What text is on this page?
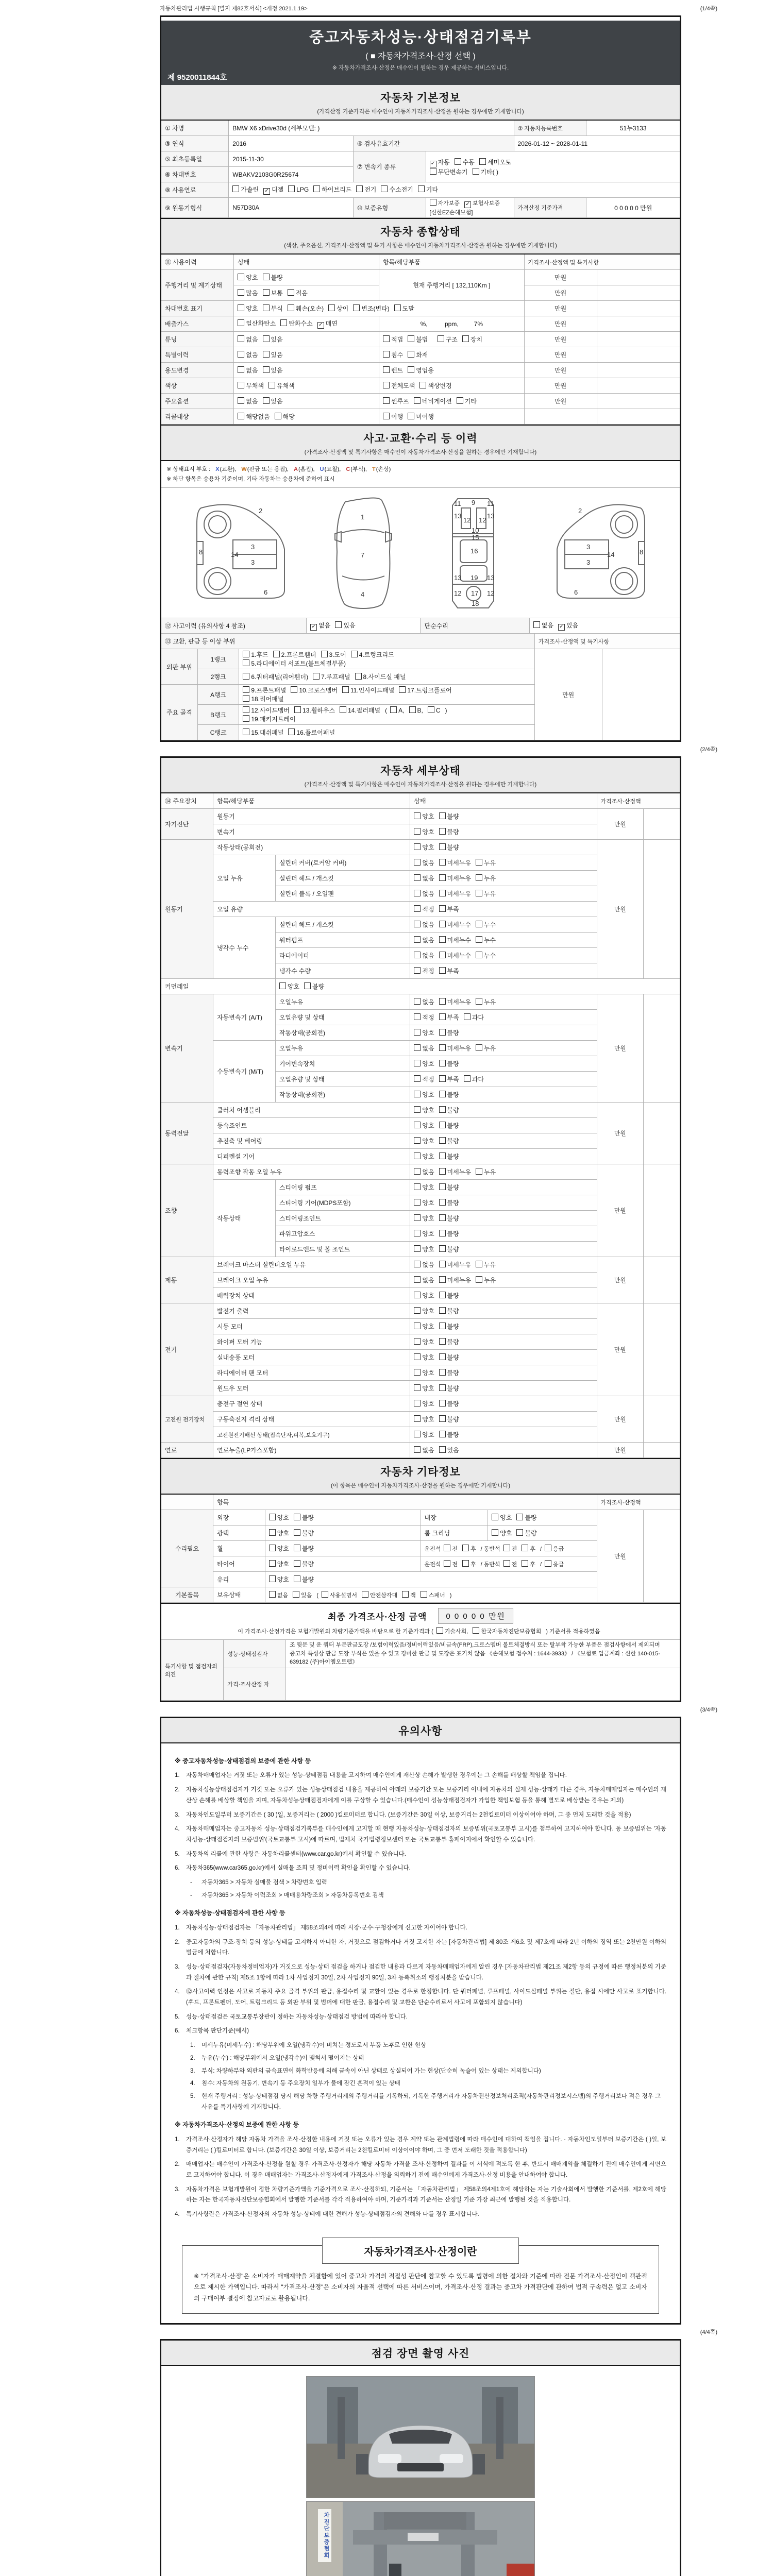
자동차관리법 시행규칙 [별지 제82호서식] <개정 2021.1.19>	(1/4쪽)
중고자동차성능·상태점검기록부
( ■ 자동차가격조사·산정 선택 )
※ 자동차가격조사·산정은 매수인이 원하는 경우 제공하는 서비스입니다.
제 9520011844호
자동차 기본정보
(가격산정 기준가격은 매수인이 자동차가격조사·산정을 원하는 경우에만 기재합니다)
① 차명	BMW X6 xDrive30d (세부모델: )			② 자동차등록번호	51누3133
③ 연식	2016	④ 검사유효기간		2026-01-12 ~ 2028-01-11	
⑤ 최초등록일	2015-11-30	⑦ 변속기 종류	✓자동 수동 세미오토
무단변속기 기타( )
⑥ 차대번호	WBAKV2103G0R25674				
⑧ 사용연료	가솔린 ✓ 디젤 LPG 하이브리드 전기 수소전기 기타
⑨ 원동기형식	N57D30A	⑩ 보증유형	자가보증 ✓ 보험사보증[신한EZ손해보험]	가격산정 기준가격	0 0 0 0 0 만원
자동차 종합상태
(색상, 주요옵션, 가격조사·산정액 및 특기 사항은 매수인이 자동차가격조사·산정을 원하는 경우에만 기재합니다)
⑪ 사용이력	상태	항목/해당부품	가격조사·산정액 및 특기사항	
주행거리 및 계기상태	양호 불량	현재 주행거리 [ 132,110Km ]	만원	
	많음 보통 적음		만원	
차대번호 표기	양호 부식 훼손(오손) 상이 변조(변타) 도말		만원	
배출가스	일산화탄소 탄화수소 ✓ 매연	%,          ppm,         7%	만원	
튜닝	없음 있음	적법 불법 구조 장치	만원	
특별이력	없음 있음	침수 화재	만원	
용도변경	없음 있음	렌트 영업용	만원	
색상	무채색 유채색	전체도색 색상변경	만원	
주요옵션	없음 있음	썬루프 네비게이션 기타	만원	
리콜대상	해당없음 해당	이행 미이행		
사고·교환·수리 등 이력
(가격조사·산정액 및 특기사항은 매수인이 자동차가격조사·산정을 원하는 경우에만 기재합니다)
※ 상태표시 부호 : X(교환), W(판금 또는 용접), A(흠집), U(요철), C(부식), T(손상)
※ 하단 항목은 승용차 기준이며, 기타 자동차는 승용차에 준하여 표시
2
8
3
14
3
6
1
7
4
11 9 11
13	13
12 12
10
15
16
13 19 13
12 17 12
18
2
3
8
14
3
6
⑫ 사고이력 (유의사항 4 참조)	✓없음 있음	단순수리	없음 ✓ 있음
⑬ 교환, 판금 등 이상 부위			가격조사·산정액 및 특기사항	
외판 부위	1랭크	1.후드 2.프론트휀더 3.도어 4.트렁크리드
5.라디에이터 서포트(볼트체결부품)	만원	
	2랭크	6.쿼터패널(리어휀더) 7.루프패널 8.사이드실 패널		
주요 골격	A랭크	9.프론트패널 10.크로스멤버 11.인사이드패널 17.트렁크플로어
18.리어패널		

	B랭크	12.사이드멤버 13.휠하우스 14.필러패널 ( A, B, C )
19.패키지트레이		

	C랭크	15.대쉬패널 16.플로어패널		
(2/4쪽)
자동차 세부상태
(가격조사·산정액 및 특기사항은 매수인이 자동차가격조사·산정을 원하는 경우에만 기재합니다)
⑭ 주요장치	항목/해당부품		상태	가격조사·산정액	
자기진단	원동기		양호 불량	만원	
	변속기		양호 불량		
원동기	작동상태(공회전)		양호 불량	만원	
	오일 누유	실린더 커버(로커암 커버)	없음 미세누유 누유		
		실린더 헤드 / 개스킷	없음 미세누유 누유		
		실린더 블록 / 오일팬	없음 미세누유 누유		
	오일 유량		적정 부족		
	냉각수 누수	실린더 헤드 / 개스킷	없음 미세누수 누수		
		워터펌프	없음 미세누수 누수		
		라디에이터	없음 미세누수 누수		
		냉각수 수량	적정 부족		
커먼레일		양호 불량			
변속기	자동변속기 (A/T)	오일누유	없음 미세누유 누유	만원	
		오일유량 및 상태	적정 부족 과다		
		작동상태(공회전)	양호 불량		
	수동변속기 (M/T)	오일누유	없음 미세누유 누유		
		기어변속장치	양호 불량		
		오일유량 및 상태	적정 부족 과다		
		작동상태(공회전)	양호 불량		
동력전달	클러치 어셈블리		양호 불량	만원	
	등속죠인트		양호 불량		
	추진축 및 베어링		양호 불량		
	디퍼렌셜 기어		양호 불량		
조향	동력조향 작동 오일 누유		없음 미세누유 누유	만원	
	작동상태	스티어링 펌프	양호 불량		
		스티어링 기어(MDPS포함)	양호 불량		
		스티어링조인트	양호 불량		
		파워고압호스	양호 불량		
		타이로드엔드 및 볼 조인트	양호 불량		
제동	브레이크 마스터 실린더오일 누유		없음 미세누유 누유	만원	
	브레이크 오일 누유		없음 미세누유 누유		
	배력장치 상태		양호 불량		
전기	발전기 출력		양호 불량	만원	
	시동 모터		양호 불량		
	와이퍼 모터 기능		양호 불량		
	실내송풍 모터		양호 불량		
	라디에이터 팬 모터		양호 불량		
	윈도우 모터		양호 불량		
고전원 전기장치	충전구 절연 상태		양호 불량	만원	
	구동축전지 격리 상태		양호 불량		
	고전원전기배선 상태(접속단자,피복,보호기구)		양호 불량		
연료	연료누출(LP가스포함)		없음 있음	만원	
자동차 기타정보
(이 항목은 매수인이 자동차가격조사·산정을 원하는 경우에만 기재합니다)
	항목				가격조사·산정액	
수리필요	외장	양호 불량	내장	양호 불량	만원	
	광택	양호 불량	룸 크리닝	양호 불량		
	휠	양호 불량	운전석 전 후 / 동반석 전 후 / 응급			
	타이어	양호 불량	운전석 전 후 / 동반석 전 후 / 응급			
	유리	양호 불량				
기본품목	보유상태	없음 있음 ( 사용설명서 안전삼각대 잭 스패너 )				
최종 가격조사·산정 금액	0 0 0 0 0 만원
이 가격조사·산정가격은 보험개발원의 차량기준가액을 바탕으로 한 기준가격과 ( 기술사회, 한국자동차진단보증협회 ) 기준서를 적용하였음
특기사항 및 점검자의 의견	성능·상태점검자	조 뒷문 및 운 쿼터 부분판금도장 /보험이력있음/정비이력있음/비금속(FRP),크로스멤버 볼트체결방식 또는 탈부착 가능한 부품은 점검사항에서 제외되며 중고차 특성상 판금 도장 부식은 있을 수 있고 경미한 판금 및 도장은 표기치 않음 《손해보험 접수처 : 1644-3933》 / 《보험료 입금계좌 : 신한 140-015-639182 (주)아이엠오토랩》
	가격·조사산정 자	
(3/4쪽)
유의사항
※ 중고자동차성능·상태점검의 보증에 관한 사항 등
1.	자동차매매업자는 거짓 또는 오류가 있는 성능·상태점검 내용을 고지하여 매수인에게 재산상 손해가 발생한 경우에는 그 손해를 배상할 책임을 집니다.
2.	자동차성능상태점검자가 거짓 또는 오류가 있는 성능상태점검 내용을 제공하여 아래의 보증기간 또는 보증거리 이내에 자동차의 실제 성능·상태가 다른 경우, 자동차매매업자는 매수인의 재산상 손해를 배상할 책임을 지며, 자동차성능상태점검자에게 이를 구상할 수 있습니다.(매수인이 성능상태점검자가 가입한 책임보험 등을 통해 별도로 배상받는 경우는 제외)
3.	자동차인도일부터 보증기간은 ( 30 )일, 보증거리는 ( 2000 )킬로미터로 합니다. (보증기간은 30일 이상, 보증거리는 2천킬로미터 이상이어야 하며, 그 중 먼저 도래한 것을 적용)
4.	자동차매매업자는 중고자동차 성능·상태점검기록부를 매수인에게 고지할 때 현행 자동차성능·상태점검자의 보증범위(국토교통부 고시)를 첨부하여 고지하여야 합니다. 동 보증범위는 '자동차성능·상태점검자의 보증범위'(국토교통부 고시)에 따르며, 법제처 국가법령정보센터 또는 국토교통부 홈페이지에서 확인할 수 있습니다.
5.	자동차의 리콜에 관한 사항은 자동차리콜센터(www.car.go.kr)에서 확인할 수 있습니다.
6.	자동차365(www.car365.go.kr)에서 실매물 조회 및 정비이력 확인을 확인할 수 있습니다.
-	자동차365 > 자동차 실매물 검색 > 차량번호 입력
-	자동차365 > 자동차 이력조회 > 매매용차량조회 > 자동차등록번호 검색
※ 자동차성능·상태점검자에 관한 사항 등
1.	자동차성능·상태점검자는 「자동차관리법」 제58조의4에 따라 시장·군수·구청장에게 신고한 자이어야 합니다.
2.	중고자동차의 구조·장치 등의 성능·상태를 고지하지 아니한 자, 거짓으로 점검하거나 거짓 고지한 자는 [자동차관리법] 제 80조 제6호 및 제7호에 따라 2년 이하의 징역 또는 2천만원 이하의 벌금에 처합니다.
3.	성능·상태점검자(자동차정비업자)가 거짓으로 성능·상태 점검을 하거나 점검한 내용과 다르게 자동차매매업자에게 알린 경우 [자동차관리법 제21조 제2항 등의 규정에 따른 행정처분의 기준과 절차에 관한 규칙] 제5조 1항에 따라 1차 사업정지 30일, 2차 사업정지 90일, 3차 등록취소의 행정처분을 받습니다.
4.	⑫사고이력 인정은 사고로 자동차 주요 골격 부위의 판금, 용접수리 및 교환이 있는 경우로 한정합니다. 단 쿼터패널, 루프패널, 사이드실패널 부위는 절단, 용접 시에만 사고로 표기합니다. (후드, 프론트펜더, 도어, 트렁크리드 등 외판 부위 및 범퍼에 대한 판금, 용접수리 및 교환은 단순수리로서 사고에 포함되지 않습니다)
5.	성능·상태점검은 국토교통부장관이 정하는 자동차성능·상태점검 방법에 따라야 합니다.
6.	체크항목 판단기준(예시)
1.	미세누유(미세누수) : 해당부위에 오일(냉각수)이 비치는 정도로서 부품 노후로 인한 현상
2.	누유(누수) : 해당부위에서 오일(냉각수)이 맺혀서 떨어지는 상태
3.	부식: 차량하부와 외판의 금속표면이 화학반응에 의해 금속이 아닌 상태로 상실되어 가는 현상(단순히 녹슬어 있는 상태는 제외합니다)
4.	침수: 자동차의 원동기, 변속기 등 주요장치 일부가 물에 잠긴 흔적이 있는 상태
5.	현재 주행거리 : 성능·상태점검 당시 해당 차량 주행거리계의 주행거리를 기록하되, 기록한 주행거리가 자동차전산정보처리조직(자동차관리정보시스템)의 주행거리보다 적은 경우 그 사유를 특기사항에 기재합니다.
※ 자동차가격조사·산정의 보증에 관한 사항 등
1.	가격조사·산정자가 해당 자동차 가격을 조사·산정한 내용에 거짓 또는 오류가 있는 경우 계약 또는 관계법령에 따라 매수인에 대하여 책임을 집니다. · 자동차인도일부터 보증기간은 ( )일, 보증거리는 ( )킬로미터로 합니다. (보증기간은 30일 이상, 보증거리는 2천킬로미터 이상이어야 하며, 그 중 먼저 도래한 것을 적용합니다)
2.	매매업자는 매수인이 가격조사·산정을 원할 경우 가격조사·산정자가 해당 자동차 가격을 조사·산정하여 결과를 이 서식에 적도록 한 후, 반드시 매매계약을 체결하기 전에 매수인에게 서면으로 고지하여야 합니다. 이 경우 매매업자는 가격조사·산정자에게 가격조사·산정을 의뢰하기 전에 매수인에게 가격조사·산정 비용을 안내하여야 합니다.
3.	자동차가격은 보험개발원이 정한 차량기준가액을 기준가격으로 조사·산정하되, 기준서는 「자동차관리법」 제58조의4제1호에 해당하는 자는 기술사회에서 발행한 기준서를, 제2호에 해당하는 자는 한국자동차진단보증협회에서 발행한 기준서를 각각 적용하여야 하며, 기준가격과 기준서는 산정일 기준 가장 최근에 발행된 것을 적용합니다.
4.	특기사항란은 가격조사·산정자의 자동차 성능·상태에 대한 견해가 성능·상태점검자의 견해와 다를 경우 표시합니다.
자동차가격조사·산정이란
※ "가격조사·산정"은 소비자가 매매계약을 체결함에 있어 중고차 가격의 적절성 판단에 참고할 수 있도록 법령에 의한 절차와 기준에 따라 전문 가격조사·산정인이 객관적으로 제시한 가액입니다. 따라서 "가격조사·산정"은 소비자의 자율적 선택에 따른 서비스이며, 가격조사·산정 결과는 중고차 가격판단에 관하여 법적 구속력은 없고 소비자의 구매여부 결정에 참고자료로 활용됩니다.
(4/4쪽)
점검 장면 촬영 사진
차진단보증협회
